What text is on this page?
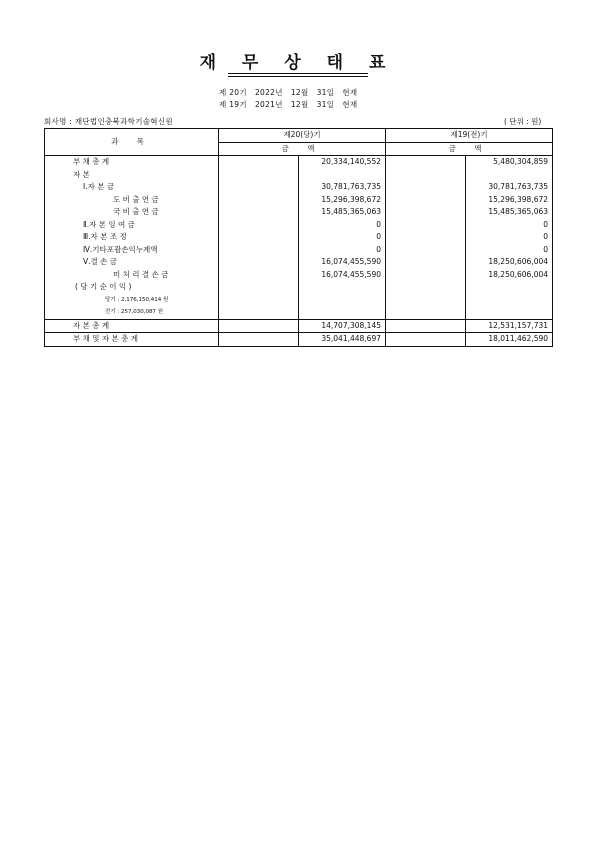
재 무 상 태 표
제 20기   2022년   12월   31일   현재
제 19기   2021년   12월   31일   현재
회사명 : 재단법인충북과학기술혁신원	( 단위 : 원)
과 목	제20(당)기		제19(전)기	
	금 액		금 액	

부 채 총 계		20,334,140,552		5,480,304,859

자 본				

Ⅰ.자 본 금		30,781,763,735		30,781,763,735

도 비 출 연 금		15,296,398,672		15,296,398,672

국 비 출 연 금		15,485,365,063		15,485,365,063

Ⅱ.자 본 잉 여 금		0		0

Ⅲ.자 본 조 정		0		0

Ⅳ.기타포괄손익누계액		0		0

Ⅴ.결 손 금		16,074,455,590		18,250,606,004

미 처 리 결 손 금		16,074,455,590		18,250,606,004

( 당 기 순 이 익 )				

당기 : 2,176,150,414 원				

전기 : 257,030,087 원				

자 본 총 계		14,707,308,145		12,531,157,731

부 채 및 자 본 총 계		35,041,448,697		18,011,462,590
